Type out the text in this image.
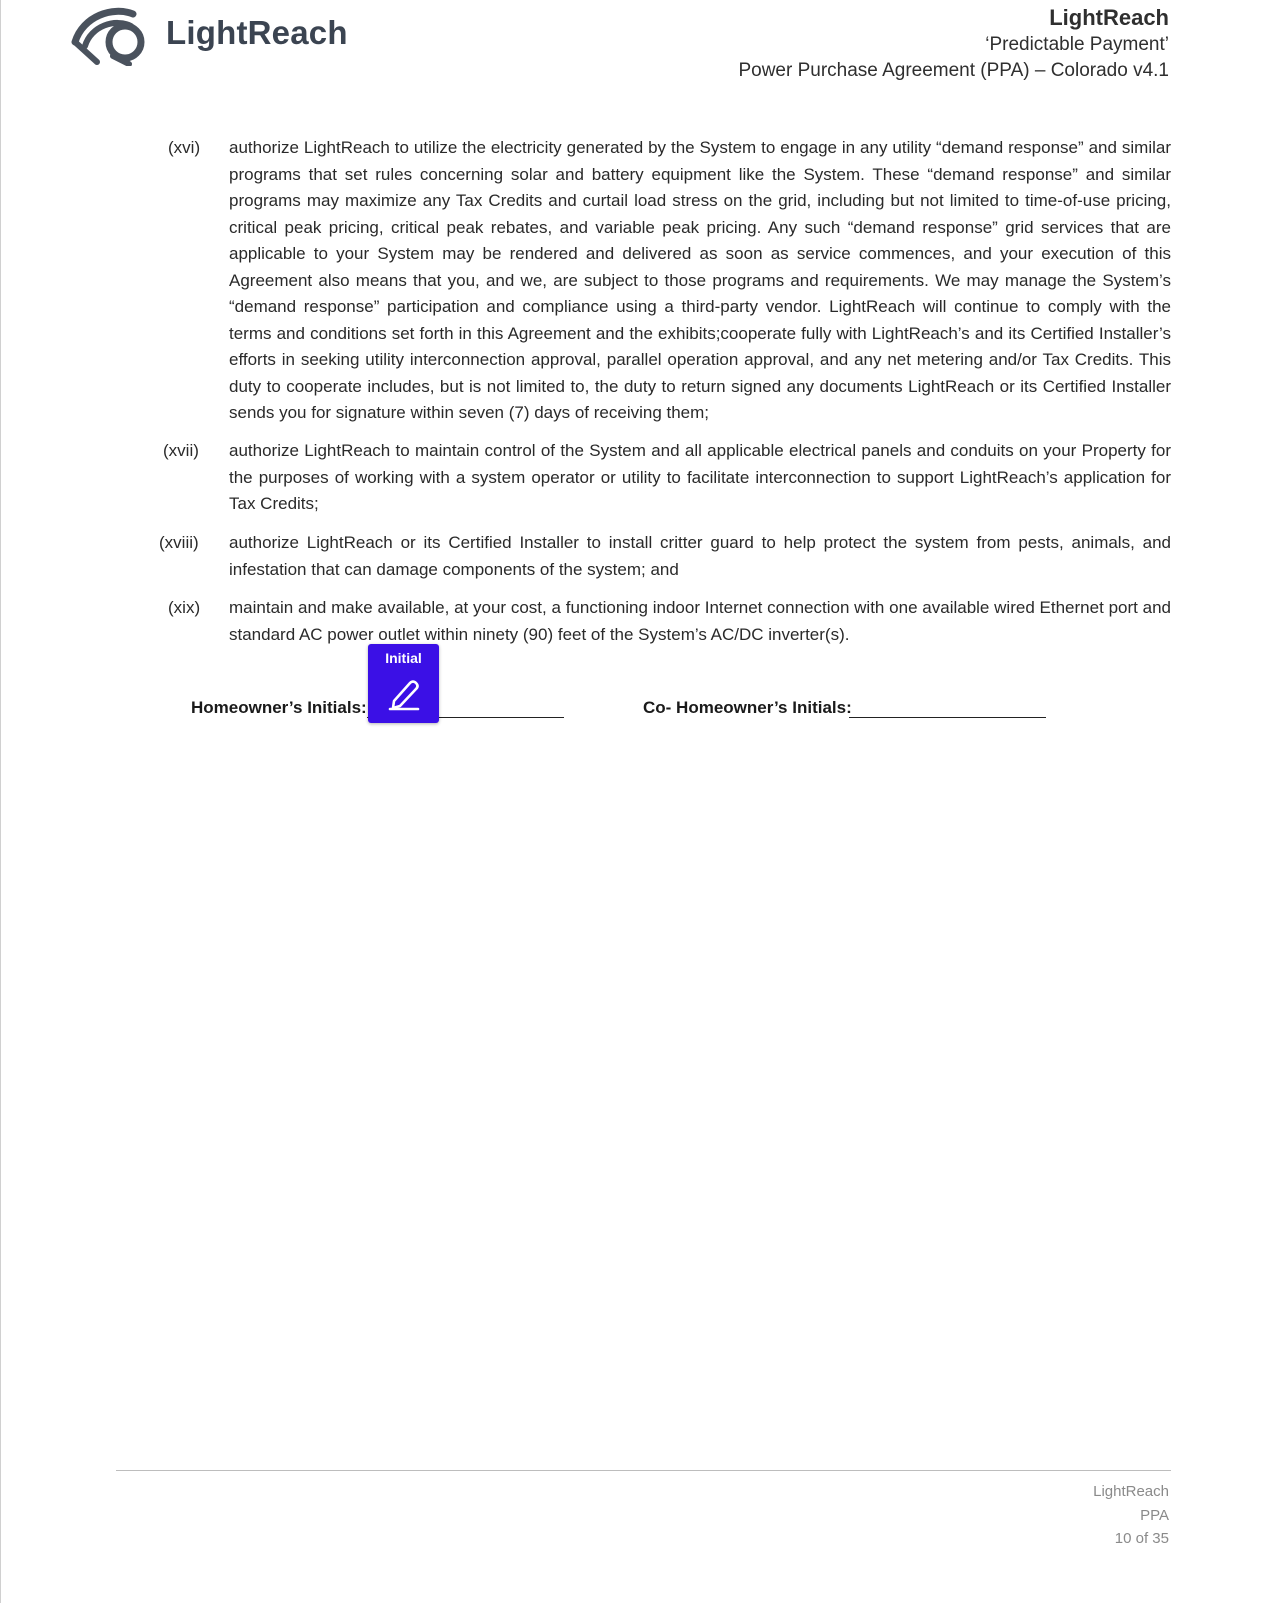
LightReach	LightReach
‘Predictable Payment’
Power Purchase Agreement (PPA) – Colorado v4.1
(xvi)	authorize LightReach to utilize the electricity generated by the System to engage in any utility “demand response” and similar programs that set rules concerning solar and battery equipment like the System. These “demand response” and similar programs may maximize any Tax Credits and curtail load stress on the grid, including but not limited to time-of-use pricing, critical peak pricing, critical peak rebates, and variable peak pricing. Any such “demand response” grid services that are applicable to your System may be rendered and delivered as soon as service commences, and your execution of this Agreement also means that you, and we, are subject to those programs and requirements. We may manage the System’s “demand response” participation and compliance using a third-party vendor. LightReach will continue to comply with the terms and conditions set forth in this Agreement and the exhibits;cooperate fully with LightReach’s and its Certified Installer’s efforts in seeking utility interconnection approval, parallel operation approval, and any net metering and/or Tax Credits. This duty to cooperate includes, but is not limited to, the duty to return signed any documents LightReach or its Certified Installer sends you for signature within seven (7) days of receiving them;
(xvii)	authorize LightReach to maintain control of the System and all applicable electrical panels and conduits on your Property for the purposes of working with a system operator or utility to facilitate interconnection to support LightReach’s application for Tax Credits;
(xviii)	authorize LightReach or its Certified Installer to install critter guard to help protect the system from pests, animals, and infestation that can damage components of the system; and
(xix)	maintain and make available, at your cost, a functioning indoor Internet connection with one available wired Ethernet port and standard AC power outlet within ninety (90) feet of the System’s AC/DC inverter(s).
Homeowner’s Initials:	Co- Homeowner’s Initials:
Initial
LightReach
PPA
10 of 35
